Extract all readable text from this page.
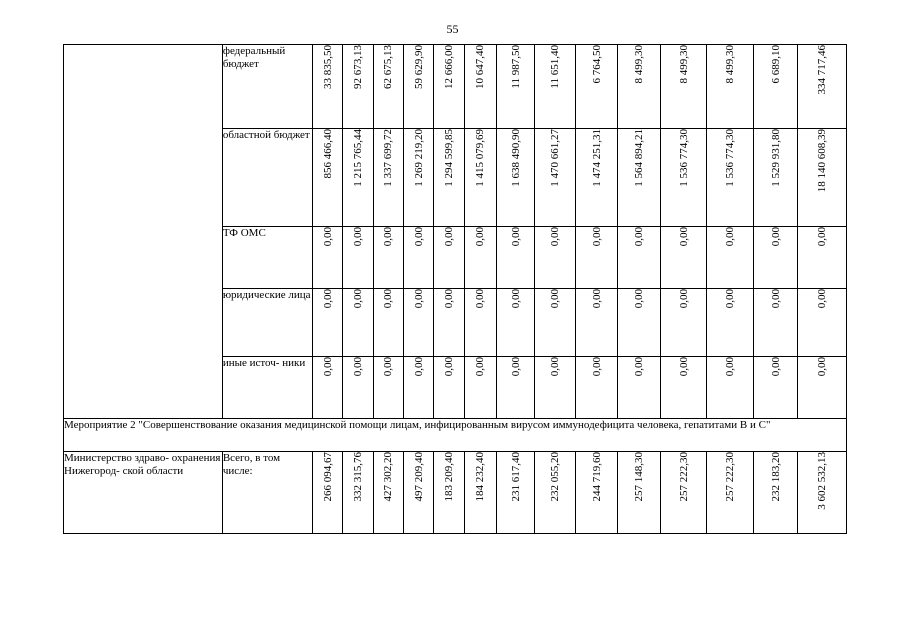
55
	федеральный бюджет	33 835,50	92 673,13	62 675,13	59 629,90	12 666,00	10 647,40	11 987,50	11 651,40	6 764,50	8 499,30	8 499,30	8 499,30	6 689,10	334 717,46

	областной бюджет	856 466,40	1 215 765,44	1 337 699,72	1 269 219,20	1 294 599,85	1 415 079,69	1 638 490,90	1 470 661,27	1 474 251,31	1 564 894,21	1 536 774,30	1 536 774,30	1 529 931,80	18 140 608,39

	ТФ ОМС	0,00	0,00	0,00	0,00	0,00	0,00	0,00	0,00	0,00	0,00	0,00	0,00	0,00	0,00

	юридические лица	0,00	0,00	0,00	0,00	0,00	0,00	0,00	0,00	0,00	0,00	0,00	0,00	0,00	0,00

	иные источ- ники	0,00	0,00	0,00	0,00	0,00	0,00	0,00	0,00	0,00	0,00	0,00	0,00	0,00	0,00

Мероприятие 2 "Совершенствование оказания медицинской помощи лицам, инфицированным вирусом иммунодефицита человека, гепатитами В и С"															
Министерство здраво- охранения Нижегород- ской области	Всего, в том числе:	266 094,67	332 315,76	427 302,20	497 209,40	183 209,40	184 232,40	231 617,40	232 055,20	244 719,60	257 148,30	257 222,30	257 222,30	232 183,20	3 602 532,13
